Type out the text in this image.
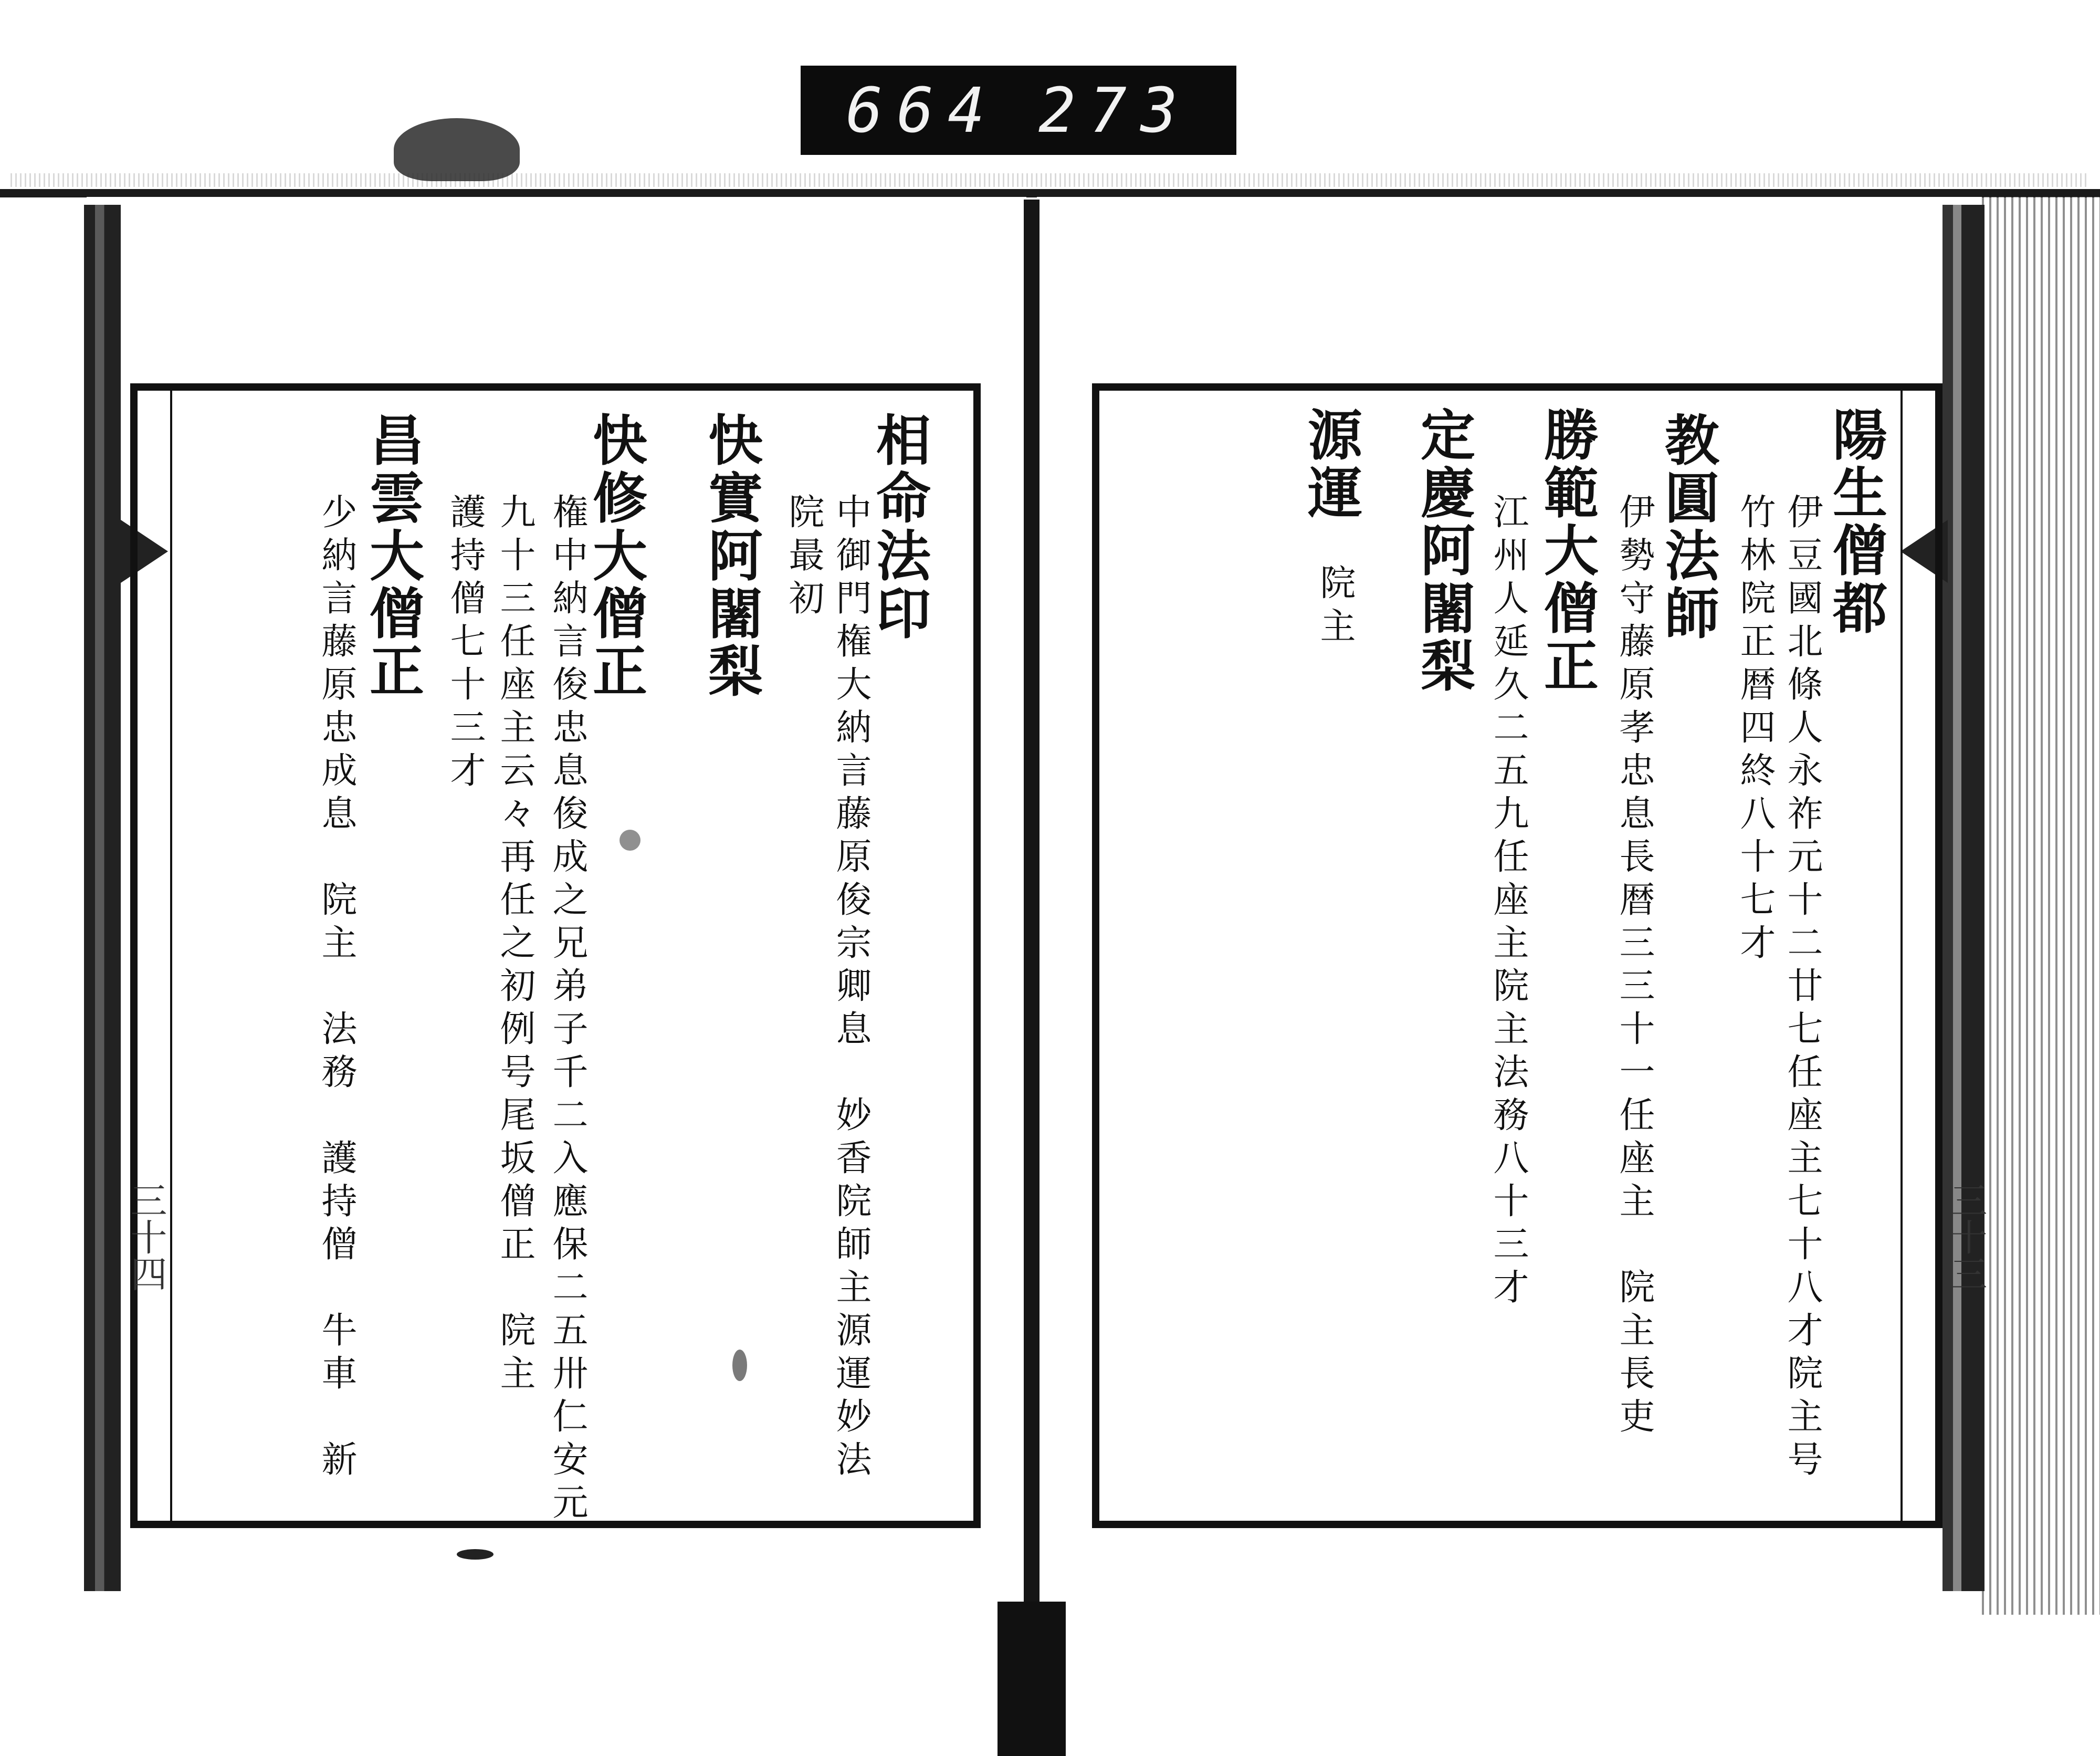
664 273
相命法印
中御門権大納言藤原俊宗卿息　妙香院師主源運妙法
院最初
快實阿闍梨
快修大僧正
権中納言俊忠息俊成之兄弟子千二入應保二五卅仁安元
九十三任座主云々再任之初例号尾坂僧正　院主
護持僧七十三才
昌雲大僧正
少納言藤原忠成息　院主　法務　護持僧　牛車　新
三十四
陽生僧都
伊豆國北條人永祚元十二廿七任座主七十八才院主号
竹林院正暦四終八十七才
教圓法師
伊勢守藤原孝忠息長暦三三十一任座主　院主長吏
勝範大僧正
江州人延久二五九任座主院主法務八十三才
定慶阿闍梨
源運
院主
三十三
